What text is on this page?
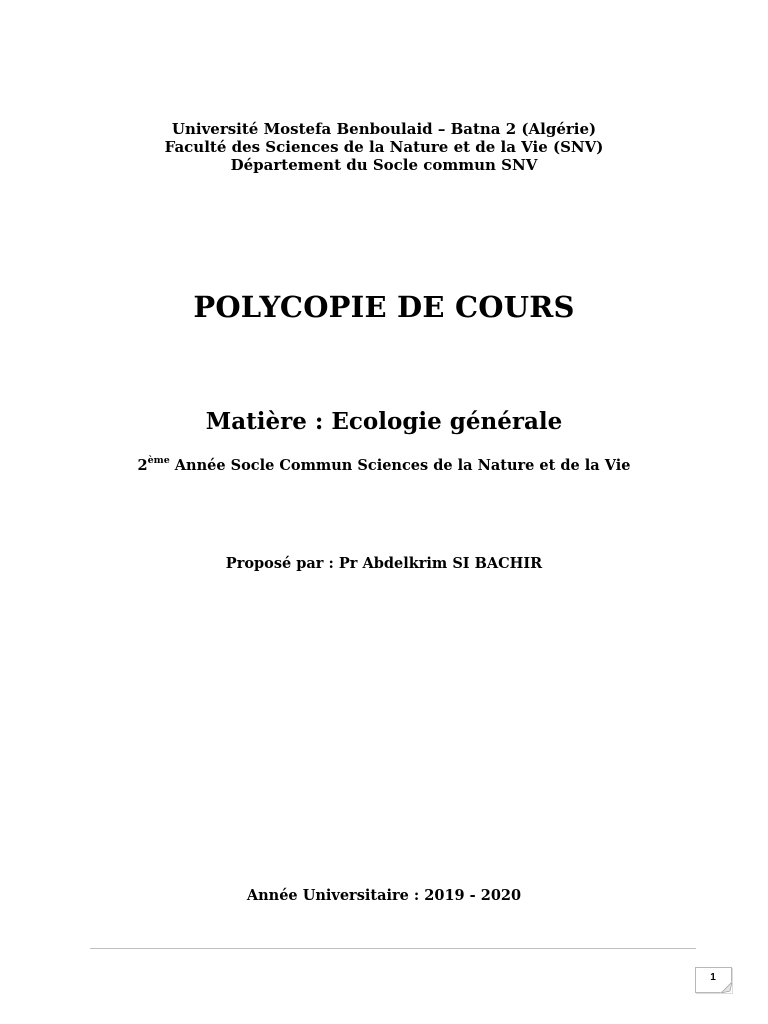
Université Mostefa Benboulaid – Batna 2 (Algérie)
Faculté des Sciences de la Nature et de la Vie (SNV)
Département du Socle commun SNV
POLYCOPIE DE COURS
Matière : Ecologie générale
2ème Année Socle Commun Sciences de la Nature et de la Vie
Proposé par : Pr Abdelkrim SI BACHIR
Année Universitaire : 2019 - 2020
1
